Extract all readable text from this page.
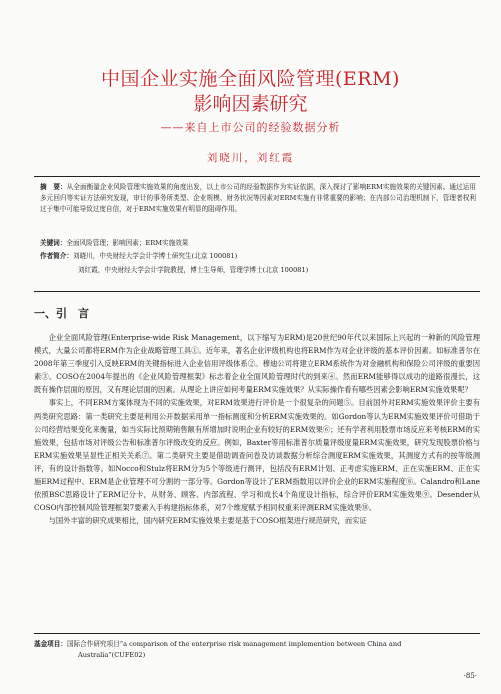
中国企业实施全面风险管理(ERM)
影响因素研究
——来自上市公司的经验数据分析
刘晓川，刘红霞
摘　要：从全面衡量企业风险管理实施效果的角度出发，以上市公司的经验数据作为实证依据，深入探讨了影响ERM实施效果的关键因素。通过运用多元回归等实证方法研究发现，审计的事务所类型、企业规模、财务状况等因素对ERM实施有非常重要的影响；在内部公司治理机制下，管理者权利过于集中可能导致过度自信，对于ERM实施效果有明显的阻碍作用。
关键词：全面风险管理；影响因素；ERM实施效果
作者简介：刘晓川，中央财经大学会计学博士研究生(北京 100081)
刘红霞，中央财经大学会计学院教授，博士生导师，管理学博士(北京 100081)
一、引　言

企业全面风险管理(Enterprise-wide Risk Management，以下缩写为ERM)是20世纪90年代以来国际上兴起的一种新的风险管理模式，大量公司都将ERM作为企业战略管理工具①。近年来，著名企业评级机构也将ERM作为对企业评级的基本评价因素。如标准普尔在2008年第三季度引入反映ERM的关键指标进入企业信用评级体系②。穆迪公司将建立ERM系统作为对金融机构和保险公司评级的重要因素③。COSO在2004年提出的《企业风险管理框架》标志着企业全面风险管理时代的到来④。然而ERM能够得以成功的道路很漫长，这既有操作层面的原因，又有理论层面的因素。从理论上讲应如何考量ERM实施效果？从实际操作看有哪些因素会影响ERM实施效果呢？

事实上，不同ERM方案体现为不同的实施效果，对ERM效果进行评价是一个很复杂的问题⑤。目前国外对ERM实施效果评价主要有两类研究思路：第一类研究主要是利用公开数据采用单一指标测度和分析ERM实施效果的。如Gordon等认为ERM实施效果评价可借助于公司经营结果变化来衡量，如当实际比预期销售额有所增加时说明企业有较好的ERM效果⑥；还有学者利用股票市场反应来考核ERM的实施效果，包括市场对评级公告和标准普尔评级改变的反应。例如，Baxter等用标准普尔质量评级度量ERM实施效果，研究发现股票价格与ERM实施效果呈显性正相关关系⑦。第二类研究主要是借助调查问卷及访谈数据分析综合测度ERM实施效果，其测度方式有的按等级测评，有的设计指数等。如Nocco和Stulz将ERM分为5个等级进行测评，包括没有ERM计划、正考虑实施ERM、正在实施ERM、正在实施ERM过程中、ERM是企业管理不可分割的一部分等。Gordon等设计了ERM指数用以评价企业的ERM实施程度⑧。Calandro和Lane依照BSC思路设计了ERM记分卡，从财务、顾客、内部流程、学习和成长4个角度设计指标，综合评价ERM实施效果⑨。Desender从COSO内部控制风险管理框架7要素入手构建指标体系，对7个维度赋予相同权重来评测ERM实施效果⑩。

与国外丰富的研究成果相比，国内研究ERM实施效果主要是基于COSO框架进行规范研究，而实证

基金项目：国际合作研究项目“a comparison of the enterprise risk management implemention between China and
Australia”(CUFE02)
·85·
